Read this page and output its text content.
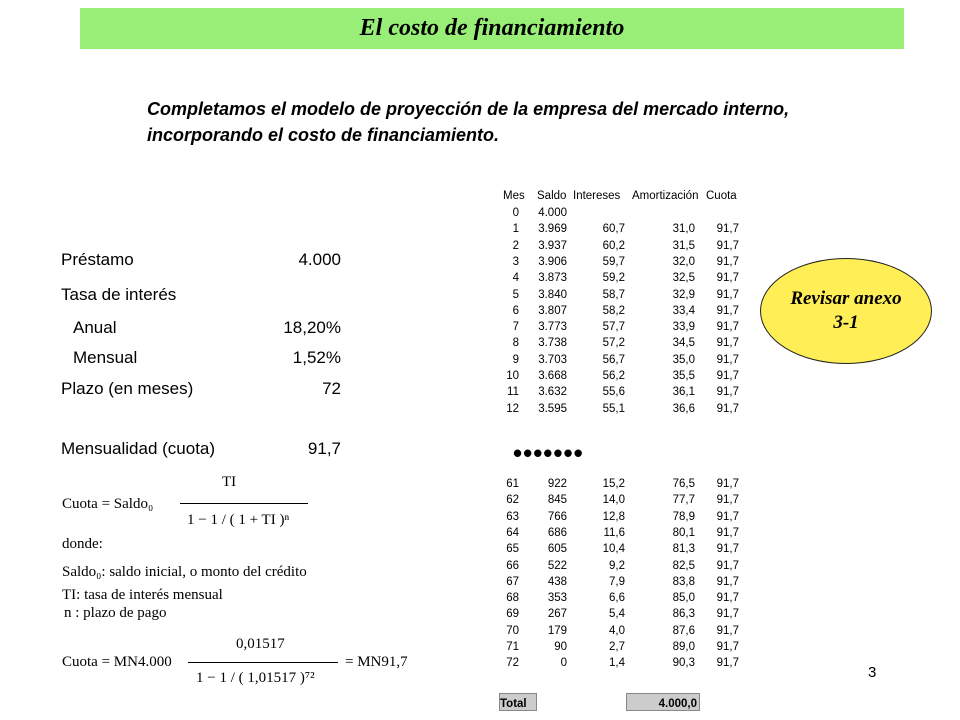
El costo de financiamiento
Completamos el modelo de proyección de la empresa del mercado interno, incorporando el costo de financiamiento.
Préstamo	4.000
Tasa de interés
Anual	18,20%
Mensual	1,52%
Plazo (en meses)	72
Mensualidad (cuota)	91,7
TI
Cuota = Saldo₀
1 − 1 / ( 1 + TI )ⁿ
donde:
Saldo₀: saldo inicial, o monto del crédito
TI: tasa de interés mensual
n : plazo de pago
0,01517
Cuota = MN4.000	= MN91,7
1 − 1 / ( 1,01517 )⁷²
Mes Saldo Intereses Amortización Cuota
0 4.000
1 3.969	60,7	31,0 91,7
2 3.937	60,2	31,5 91,7
3 3.906	59,7	32,0 91,7
4 3.873	59,2	32,5 91,7
5 3.840	58,7	32,9 91,7
6 3.807	58,2	33,4 91,7
7 3.773	57,7	33,9 91,7
8 3.738	57,2	34,5 91,7
9 3.703	56,7	35,0 91,7
10 3.668	56,2	35,5 91,7
11 3.632	55,6	36,1 91,7
12 3.595	55,1	36,6 91,7
61	922	15,2	76,5 91,7
62	845	14,0	77,7 91,7
63	766	12,8	78,9 91,7
64	686	11,6	80,1 91,7
65	605	10,4	81,3 91,7
66	522	9,2	82,5 91,7
67	438	7,9	83,8 91,7
68	353	6,6	85,0 91,7
69	267	5,4	86,3 91,7
70	179	4,0	87,6 91,7
71	90	2,7	89,0 91,7
72	0	1,4	90,3 91,7
•••••••
Total	4.000,0
Revisar anexo 3-1
3
